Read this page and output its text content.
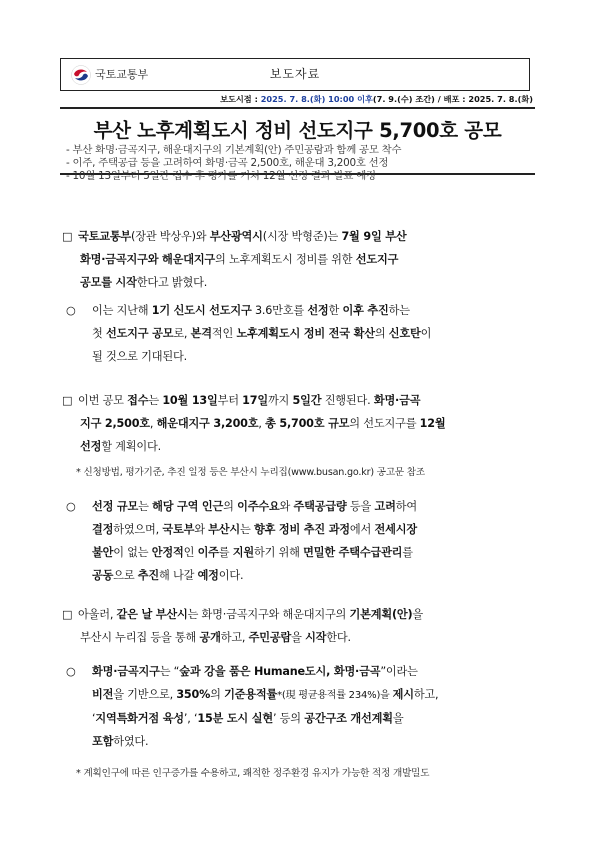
국토교통부	보도자료
보도시점 : 2025. 7. 8.(화) 10:00 이후(7. 9.(수) 조간) / 배포 : 2025. 7. 8.(화)
부산 노후계획도시 정비 선도지구 5,700호 공모
- 부산 화명·금곡지구, 해운대지구의 기본계획(안) 주민공람과 함께 공모 착수
- 이주, 주택공급 등을 고려하여 화명·금곡 2,500호, 해운대 3,200호 선정
- 10월 13일부터 5일간 접수 후 평가를 거쳐 12월 선정 결과 발표 예정
□ 국토교통부(장관 박상우)와 부산광역시(시장 박형준)는 7월 9일 부산
화명·금곡지구와 해운대지구의 노후계획도시 정비를 위한 선도지구
공모를 시작한다고 밝혔다.
○ 이는 지난해 1기 신도시 선도지구 3.6만호를 선정한 이후 추진하는
첫 선도지구 공모로, 본격적인 노후계획도시 정비 전국 확산의 신호탄이
될 것으로 기대된다.
□ 이번 공모 접수는 10월 13일부터 17일까지 5일간 진행된다. 화명·금곡
지구 2,500호, 해운대지구 3,200호, 총 5,700호 규모의 선도지구를 12월
선정할 계획이다.
* 신청방법, 평가기준, 추진 일정 등은 부산시 누리집(www.busan.go.kr) 공고문 참조
○ 선정 규모는 해당 구역 인근의 이주수요와 주택공급량 등을 고려하여
결정하였으며, 국토부와 부산시는 향후 정비 추진 과정에서 전세시장
불안이 없는 안정적인 이주를 지원하기 위해 면밀한 주택수급관리를
공동으로 추진해 나갈 예정이다.
□ 아울러, 같은 날 부산시는 화명·금곡지구와 해운대지구의 기본계획(안)을
부산시 누리집 등을 통해 공개하고, 주민공람을 시작한다.
○ 화명·금곡지구는 “숲과 강을 품은 Humane도시, 화명·금곡”이라는
비전을 기반으로, 350%의 기준용적률*(現 평균용적률 234%)을 제시하고,
‘지역특화거점 육성’, ‘15분 도시 실현’ 등의 공간구조 개선계획을
포함하였다.
* 계획인구에 따른 인구증가를 수용하고, 쾌적한 정주환경 유지가 가능한 적정 개발밀도
